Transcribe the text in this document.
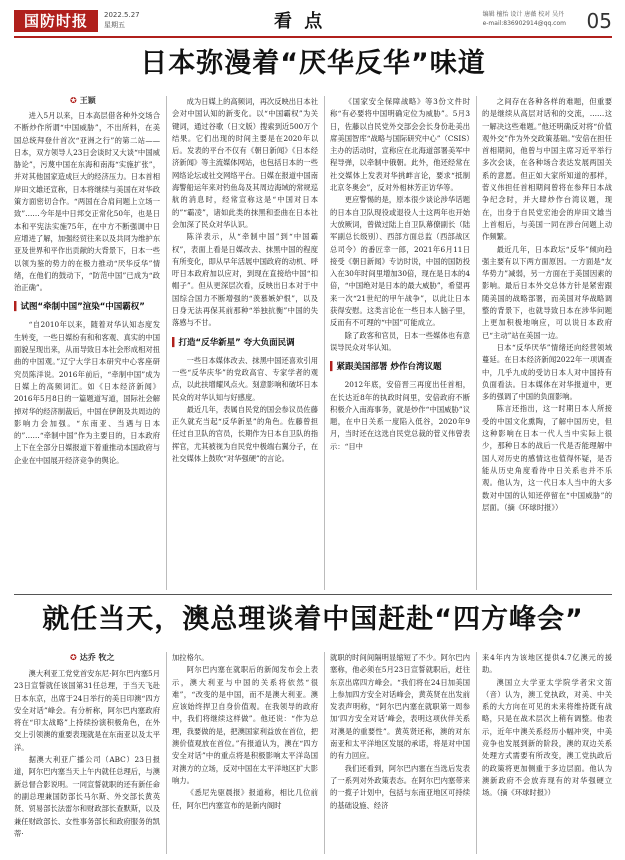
国防时报	2022.5.27
星期五	看 点	编辑 檀怡 设计 唐薇 校对 吴丹
e-mail:836902914@qq.com 05
日本弥漫着“厌华反华”味道
✪ 王颖

进入5月以来，日本高层借各种外交场合不断炒作所谓“中国威胁”，不出所料，在美国总统拜登什首次“亚洲之行”的第二站——日本，双方领导人23日会谈时又大谈“中国威胁论”，污蔑中国在东海和南海“实施扩张”，并对其他国家造成巨大的经济压力。日本首相岸田文雄还宣称，日本将继续与美国在对华政策方面密切合作。“两国在合肩问题上立场一致”……今年是中日邦交正常化50年，也是日本和平宪法实施75年，在中方不断强调中日应增进了解，加强经贸往来以及共同为维护东亚及世界和平作出贡献的大背景下，日本一些以领为鉴的势力的在极力推动“厌华反华”情绪，在他们的鼓动下，“防范中国”已成为“政治正确”。

▍试图“牵制中国”渲染“中国霸权”

“自2010年以来，随着对华认知态度发生转变，一些日媒纷有和和客观、真实的中国面貌呈现出来，从而导致日本社会形成相对扭曲的中国观。”辽宁大学日本研究中心客座研究员陈洋说。2016年前后，“牵制中国”成为日媒上的高频词汇。如《日本经济新闻》2016年5月8日的一篇题道写道，国际社会解掉对华的经济制裁后，中国在伊朗及共周边的影响力会加强。“东南亚、当遇与日本的”……“牵制中国”作为主要目的，日本政府上下在全部分日媒报道下着重推动本国政府与企业在中国展开经济竞争的舆论。

成为日媒上的高频词，再次反映出日本社会对中国认知的新变化。以“中国霸权”为关键词，通过谷歌（日文版）搜索到近500万个结果。它们出现的时间主要是在2020年以后。发表的平台不仅有《朝日新闻》《日本经济新闻》等主流媒体网站，也包括日本的一些网络论坛或社交网络平台。日媒在报道中国南海警船运年来对钓鱼岛及其周边海域的常规巡航的消息时，经常宣称这是“中国对日本的”“霸凌”，诸如此类的抹黑和歪曲在日本社会加深了民众对华认识。

陈洋表示，从“牵制中国”到“中国霸权”，表面上看是日媒改去、抹黑中国的程度有所变化，即从早年活展中国政府的动机、呼吁日本政府加以应对，到现在直接给中国“扣帽子”。但从更深层次看，反映出日本对于中国综合国力不断增强的“羡慕嫉妒恨”，以及日身无法再保其前那种“举独抗衡”中国的失落感与不甘。

▍打造“反华新星” 夸大负面民调

一些日本媒体改去、抹黑中国还喜欢引用一些“反华庆华”的党政高官、专家学者的观点，以此扶增耀风点火。刻意影响和破坏日本民众的对华认知与好感度。

最近几年，表属自民党的国会参议员佐藤正久就充当起“反华新星”的角色。佐藤曾担任过自卫队的官员，长期作为日本自卫队的指挥官，尤其被视为自民党中极端右翼分子，在社交媒体上鼓吹“对华强硬”的言论。

《国家安全保障战略》等3份文件时称“有必要将中国明确定位为威胁”。5月3日，佐藤以自民党外交部会会长身份赴美出席美国智库“战略与国际研究中心”（CSIS）主办的活动时，宣称应在北海道部署美军中程导弹，以牵制中俄朝。此外，他还经常在社交媒体上发表对华挑衅言论，要求“抵制北京冬奥会”，反对外相林芳正访华等。

更应警惕的是，原本很少谈论涉华话题的日本自卫队现役或退役人士这两年也开始大放厥词，曾做过陆上自卫队幕僚副长（陆军副总长级别）、西部方面总监（西部战区总司令）的番匠幸一郎，2021年6月11日接受《朝日新闻》专访时说，中国的国防投入在30年时间里增加30倍，现在是日本的4倍，“中国绝对是日本的最大威胁”，希望再来一次“21世纪的甲午战争”，以此让日本获得安慰。这类言论在一些日本人脑子里，反而有不可理的“中国”可能成立。

除了政客和官员，日本一些媒体也有意误导民众对华认知。

▍紧跟美国部署 炒作台湾议题

2012年底，安倍晋三再度出任首相，在长达近8年的执政时间里，安倍政府不断积极介入南海事务，就是炒作“中国威胁”议题，在中日关系一度陷入低谷，2020年9月，当时还在这选自民党总裁的菅义伟曾表示：“目中

之间存在各种各样的难题，但重要的是继续从高层对话和的交流，……这一解决这些难题。”他还明确反对将“价值观外交”作为外交政策基础。”安倍在担任首相期间，他曾与中国主席习近平举行多次会谈，在各种场合表达发展两国关系的意愿。但正如大家所知道的那样，菅义伟担任首相期间曾将在参拜日本战争纪念时，并大肆炒作台湾议题，现在，出身于自民党宏池会的岸田文雄当上首相后，与美国一同在涉台问题上动作频繁。

最近几年，日本政坛“反华”倾向趋强主要有以下两方面原因。一方面是“友华势力”减弱，另一方面在于美国因素的影响。最后日本外交总体方针是紧密跟随美国的战略部署，而美国对华战略调整的背景下，也就导致日本在涉华问题上更加积极地响应，可以说日本政府已“主动”站在美国一边。

日本“反华厌华”情绪还向经营领域蔓延。在日本经济新闻2022年一项调查中，几乎九成的受访日本人对中国持有负面看法。日本媒体在对华报道中，更多的强调了中国的负面影响。

陈言还指出，这一时期日本人所接受的中国文化熏陶，了解中国历史，但这种影响在日本一代人当中实际上很少，那种日本的战后一代是否能理解中国人对历史的感情这也值得怀疑，是否能从历史角度看待中日关系也并不乐观。他认为，这一代日本人当中的大多数对中国的认知还停留在“中国威胁”的层面。（摘《环球时报》）

就任当天，澳总理谈着中国赶赴“四方峰会”
✪ 达乔 牧之

澳大利亚工党党首安东尼·阿尔巴内塞5月23日宣誓就任该国第31任总理，于当天飞赴日本东京，出席于24日举行的美日印澳“四方安全对话”峰会。有分析称，阿尔巴内塞政府将在“印太战略”上持续扮演积极角色，在外交上引领澳的重要表现就是在东南亚以及太平洋。

据澳大利亚广播公司（ABC）23日报道，阿尔巴内塞当天上午内就任总理后，与澳新总督合影说明。一同宣誓就职的还有新任命的副总理兼国防部长马尔斯、外交部长黄英贤、贸易部长法雷尔和财政部长查默斯，以及兼任财政部长、女性事务部长和政府服务的凯蒂·

加拉格尔。

阿尔巴内塞在就职后的新闻发布会上表示，澳大利亚与中国的关系将依然“很难”，“改变的是中国，而不是澳大利亚。澳应该始终捍卫自身价值观。在我领导的政府中，我们将继续这样做”。他还说：“作为总理，我要做的是，把澳国家利益放在首位，把澳价值观放在首位。”有报道认为，澳在“四方安全对话”中的重点将是积极影响太平洋岛国对澳方的立场，反对中国在太平洋地区扩大影响力。

《悉尼先驱晨报》报道称，相比几位前任，阿尔巴内塞宣布的是新内阁时

就职的时间间隔明显缩短了不少。阿尔巴内塞称，他必须在5月23日宣誓就职后，赶往东京出席四方峰会。“我们将在24日加美国上参加四方安全对话峰会，黄英贤在出发前发表声明称，“阿尔巴内塞在就职第一周参加‘四方安全对话’峰会，表明这项伙伴关系对澳是的重要性”。黄英贤还称，澳的对东南亚和太平洋地区发展的承诺，将是对中国的有力回应。

我们还看到，阿尔巴内塞在当选后发表了一系列对外政策表态。在阿尔巴内塞带来的一揽子计划中，包括与东南亚地区可持续的基础设施、经济

来4年内为该地区提供4.7亿澳元的援助。

澳国立大学亚太学院学者宋文笛（音）认为，澳工党执政，对美、中关系的大方向在可见的未来将维持既有战略，只是在战术层次上稍有调整。他表示，近年中澳关系经历小幅冲突，中美竞争也发展到新的阶段，澳的双边关系处理方式需要有所改变，澳工党执政后的政策将更加侧重于多边层面。他认为澳新政府不会放弃现有的对华强硬立场。（摘《环球时报》）
